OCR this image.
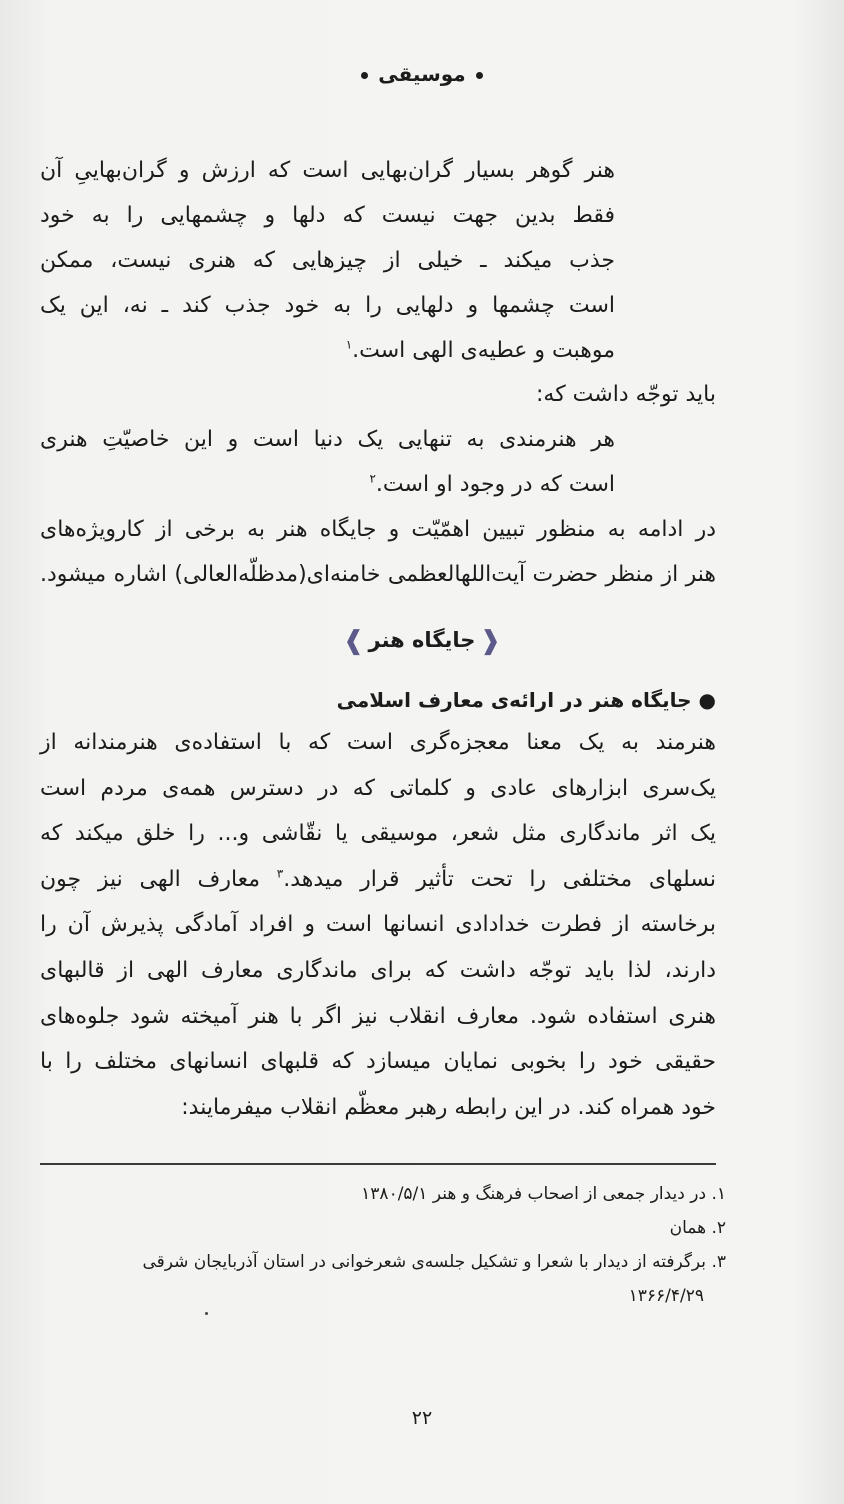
موسیقی
هنر گوهر بسیار گران‌بهایی است که ارزش و گران‌بهاییِ آن
فقط بدین جهت نیست که دلها و چشمهایی را به خود
جذب میکند ـ خیلی از چیزهایی که هنری نیست، ممکن
است چشمها و دلهایی را به خود جذب کند ـ نه، این یک
موهبت و عطیه‌ی الهی است.$^۱$
باید توجّه داشت که:
هر هنرمندی به تنهایی یک دنیا است و این خاصیّتِ هنری
است که در وجود او است.$^۲$
در ادامه به منظور تبیین اهمّیّت و جایگاه هنر به برخی از کارویژه‌های
هنر از منظر حضرت آیت‌اللهالعظمی خامنه‌ای(مدظلّه‌العالی) اشاره میشود.
❰جایگاه هنر❱
● جایگاه هنر در ارائه‌ی معارف اسلامی
هنرمند به یک معنا معجزه‌گری است که با استفاده‌ی هنرمندانه از
یک‌سری ابزارهای عادی و کلماتی که در دسترس همه‌ی مردم است
یک اثر ماندگاری مثل شعر، موسیقی یا نقّاشی و... را خلق میکند که
نسلهای مختلفی را تحت تأثیر قرار میدهد.$^۳$ معارف الهی نیز چون
برخاسته از فطرت خدادادی انسانها است و افراد آمادگی پذیرش آن را
دارند، لذا باید توجّه داشت که برای ماندگاری معارف الهی از قالبهای
هنری استفاده شود. معارف انقلاب نیز اگر با هنر آمیخته شود جلوه‌های
حقیقی خود را بخوبی نمایان میسازد که قلبهای انسانهای مختلف را با
خود همراه کند. در این رابطه رهبر معظّم انقلاب میفرمایند:
۱. در دیدار جمعی از اصحاب فرهنگ و هنر ۱۳۸۰/۵/۱
۲. همان
۳. برگرفته از دیدار با شعرا و تشکیل جلسه‌ی شعرخوانی در استان آذربایجان شرقی
۱۳۶۶/۴/۲۹
۲۲
